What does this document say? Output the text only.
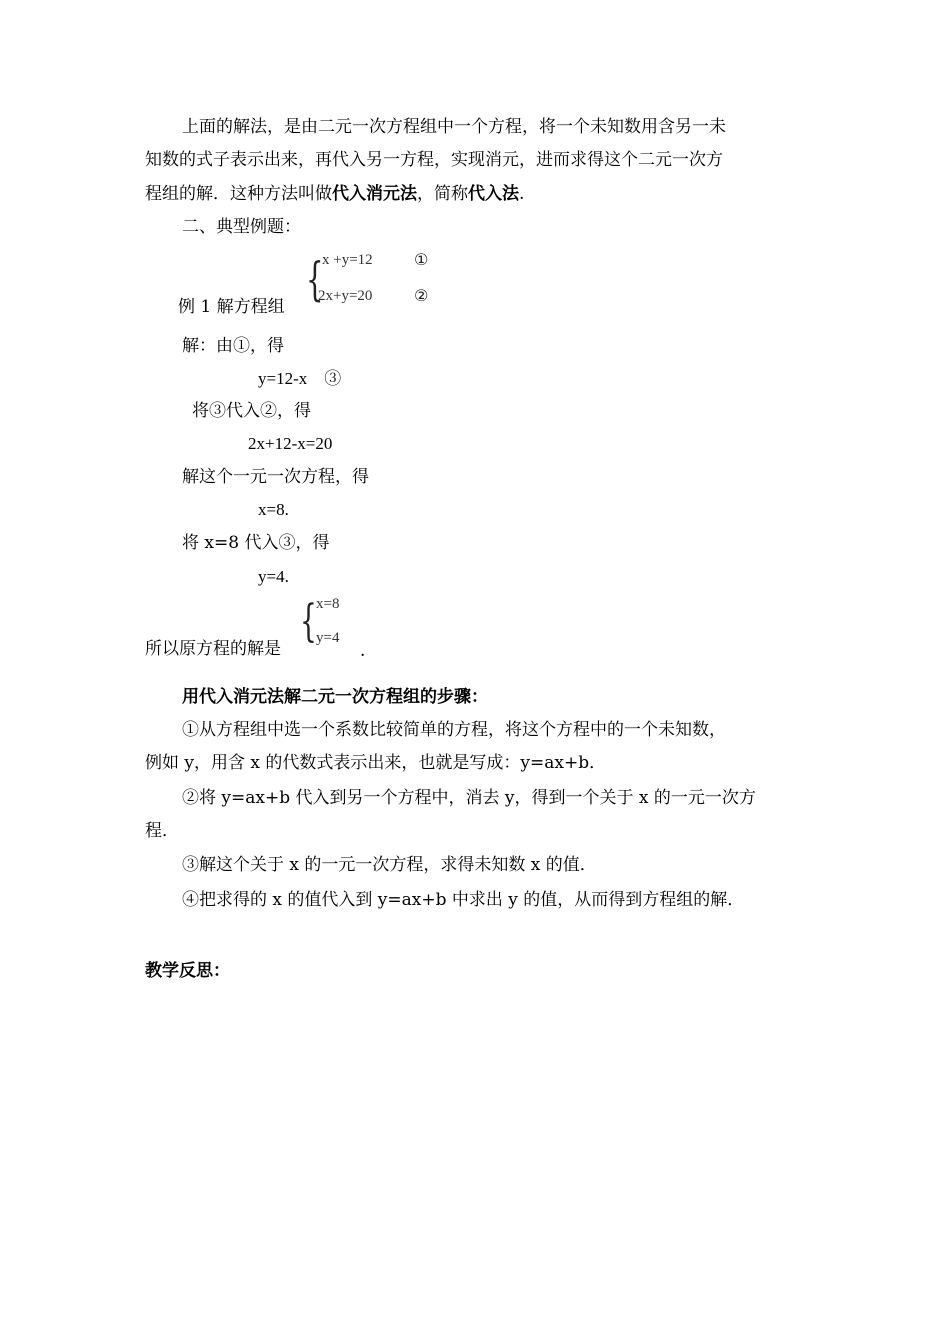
上面的解法，是由二元一次方程组中一个方程，将一个未知数用含另一未
知数的式子表示出来，再代入另一方程，实现消元，进而求得这个二元一次方
程组的解．这种方法叫做代入消元法，简称代入法.
二、典型例题：
例 1 解方程组
{
x +y=12
2x+y=20
①
②
解：由①，得
y=12-x　③
将③代入②，得
2x+12-x=20
解这个一元一次方程，得
x=8.
将 x=8 代入③，得
y=4.
所以原方程的解是
{ x=8
y=4
.
用代入消元法解二元一次方程组的步骤：
①从方程组中选一个系数比较简单的方程，将这个方程中的一个未知数，
例如 y，用含 x 的代数式表示出来，也就是写成：y=ax+b．
②将 y=ax+b 代入到另一个方程中，消去 y，得到一个关于 x 的一元一次方
程．
③解这个关于 x 的一元一次方程，求得未知数 x 的值．
④把求得的 x 的值代入到 y=ax+b 中求出 y 的值，从而得到方程组的解．
教学反思：
